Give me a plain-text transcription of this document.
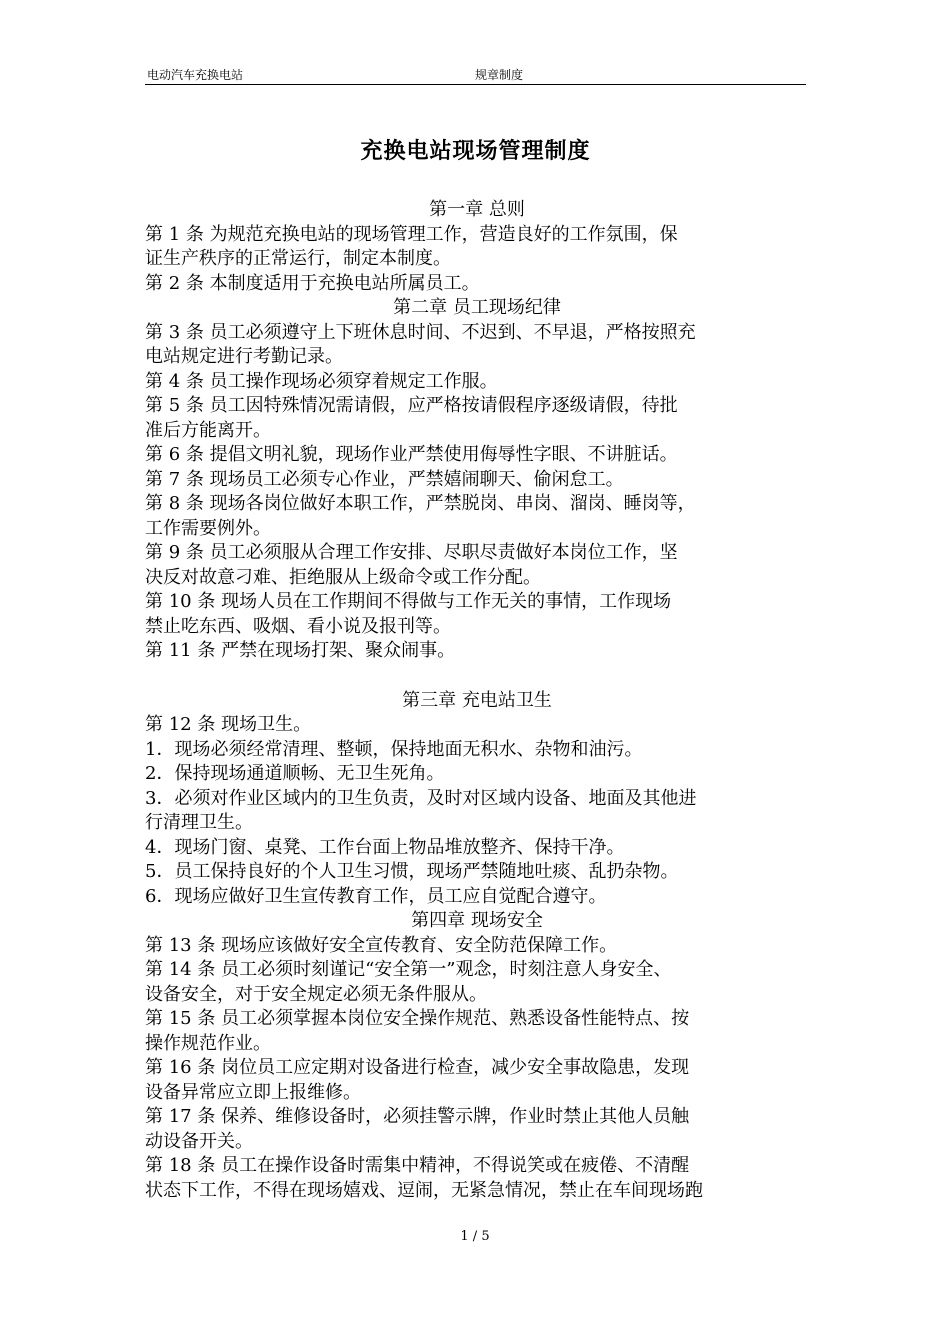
电动汽车充换电站	规章制度
充换电站现场管理制度

第一章 总则

第 1 条 为规范充换电站的现场管理工作，营造良好的工作氛围，保

证生产秩序的正常运行，制定本制度。

第 2 条 本制度适用于充换电站所属员工。

第二章 员工现场纪律

第 3 条 员工必须遵守上下班休息时间、不迟到、不早退，严格按照充

电站规定进行考勤记录。

第 4 条 员工操作现场必须穿着规定工作服。

第 5 条 员工因特殊情况需请假，应严格按请假程序逐级请假，待批

准后方能离开。

第 6 条 提倡文明礼貌，现场作业严禁使用侮辱性字眼、不讲脏话。

第 7 条 现场员工必须专心作业，严禁嬉闹聊天、偷闲怠工。

第 8 条 现场各岗位做好本职工作，严禁脱岗、串岗、溜岗、睡岗等，

工作需要例外。

第 9 条 员工必须服从合理工作安排、尽职尽责做好本岗位工作，坚

决反对故意刁难、拒绝服从上级命令或工作分配。

第 10 条 现场人员在工作期间不得做与工作无关的事情，工作现场

禁止吃东西、吸烟、看小说及报刊等。

第 11 条 严禁在现场打架、聚众闹事。

第三章 充电站卫生

第 12 条 现场卫生。

1．现场必须经常清理、整顿，保持地面无积水、杂物和油污。

2．保持现场通道顺畅、无卫生死角。

3．必须对作业区域内的卫生负责，及时对区域内设备、地面及其他进

行清理卫生。

4．现场门窗、桌凳、工作台面上物品堆放整齐、保持干净。

5．员工保持良好的个人卫生习惯，现场严禁随地吐痰、乱扔杂物。

6．现场应做好卫生宣传教育工作，员工应自觉配合遵守。

第四章 现场安全

第 13 条 现场应该做好安全宣传教育、安全防范保障工作。

第 14 条 员工必须时刻谨记“安全第一”观念，时刻注意人身安全、

设备安全，对于安全规定必须无条件服从。

第 15 条 员工必须掌握本岗位安全操作规范、熟悉设备性能特点、按

操作规范作业。

第 16 条 岗位员工应定期对设备进行检查，减少安全事故隐患，发现

设备异常应立即上报维修。

第 17 条 保养、维修设备时，必须挂警示牌，作业时禁止其他人员触

动设备开关。

第 18 条 员工在操作设备时需集中精神，不得说笑或在疲倦、不清醒

状态下工作，不得在现场嬉戏、逗闹，无紧急情况，禁止在车间现场跑

1 / 5
